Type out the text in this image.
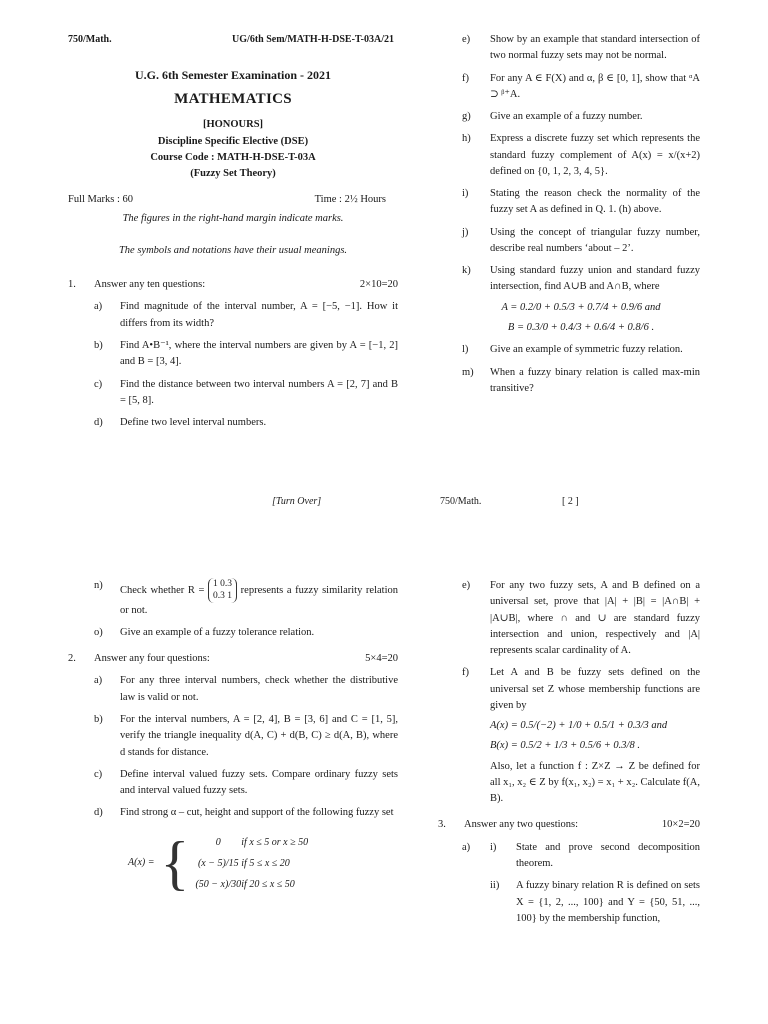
750/Math.	UG/6th Sem/MATH-H-DSE-T-03A/21
U.G. 6th Semester Examination - 2021
MATHEMATICS
[HONOURS]
Discipline Specific Elective (DSE)
Course Code : MATH-H-DSE-T-03A
(Fuzzy Set Theory)
Full Marks : 60	Time : 2½ Hours
The figures in the right-hand margin indicate marks.
The symbols and notations have their usual meanings.
1.	Answer any ten questions:	2×10=20
a)	Find magnitude of the interval number, A = [−5, −1]. How it differs from its width?
b)	Find A•B⁻¹, where the interval numbers are given by A = [−1, 2] and B = [3, 4].
c)	Find the distance between two interval numbers A = [2, 7] and B = [5, 8].
d)	Define two level interval numbers.
[Turn Over]
e)	Show by an example that standard intersection of two normal fuzzy sets may not be normal.
f)	For any A ∈ F(X) and α, β ∈ [0, 1], show that ᵅA ⊃ ᵝ⁺A.
g)	Give an example of a fuzzy number.
h)	Express a discrete fuzzy set which represents the standard fuzzy complement of A(x) = x/(x+2) defined on {0, 1, 2, 3, 4, 5}.
i)	Stating the reason check the normality of the fuzzy set A as defined in Q. 1. (h) above.
j)	Using the concept of triangular fuzzy number, describe real numbers ‘about – 2’.
k)	Using standard fuzzy union and standard fuzzy intersection, find A∪B and A∩B, where
A = 0.2/0 + 0.5/3 + 0.7/4 + 0.9/6 and
B = 0.3/0 + 0.4/3 + 0.6/4 + 0.8/6 .
l)	Give an example of symmetric fuzzy relation.
m)	When a fuzzy binary relation is called max-min transitive?
750/Math.	[ 2 ]
n)	Check whether R =
1 0.3
0.3 1
represents a fuzzy similarity relation or not.
o)	Give an example of a fuzzy tolerance relation.
2.	Answer any four questions:	5×4=20
a)	For any three interval numbers, check whether the distributive law is valid or not.
b)	For the interval numbers, A = [2, 4], B = [3, 6] and C = [1, 5], verify the triangle inequality d(A, C) + d(B, C) ≥ d(A, B), where d stands for distance.
c)	Define interval valued fuzzy sets. Compare ordinary fuzzy sets and interval valued fuzzy sets.
d)	Find strong α – cut, height and support of the following fuzzy set
A(x) = {	0	if x ≤ 5 or x ≥ 50
(x − 5)/15 if 5 ≤ x ≤ 20
(50 − x)/30 if 20 ≤ x ≤ 50
e)	For any two fuzzy sets, A and B defined on a universal set, prove that |A| + |B| = |A∩B| + |A∪B|, where ∩ and ∪ are standard fuzzy intersection and union, respectively and |A| represents scalar cardinality of A.
f)	Let A and B be fuzzy sets defined on the universal set Z whose membership functions are given by
A(x) = 0.5/(−2) + 1/0 + 0.5/1 + 0.3/3 and
B(x) = 0.5/2 + 1/3 + 0.5/6 + 0.3/8 .
Also, let a function f : Z×Z → Z be defined for all x₁, x₂ ∈ Z by f(x₁, x₂) = x₁ + x₂. Calculate f(A, B).
3.	Answer any two questions:	10×2=20
a)	i)	State and prove second decomposition theorem.
ii)	A fuzzy binary relation R is defined on sets X = {1, 2, ..., 100} and Y = {50, 51, ..., 100} by the membership function,
